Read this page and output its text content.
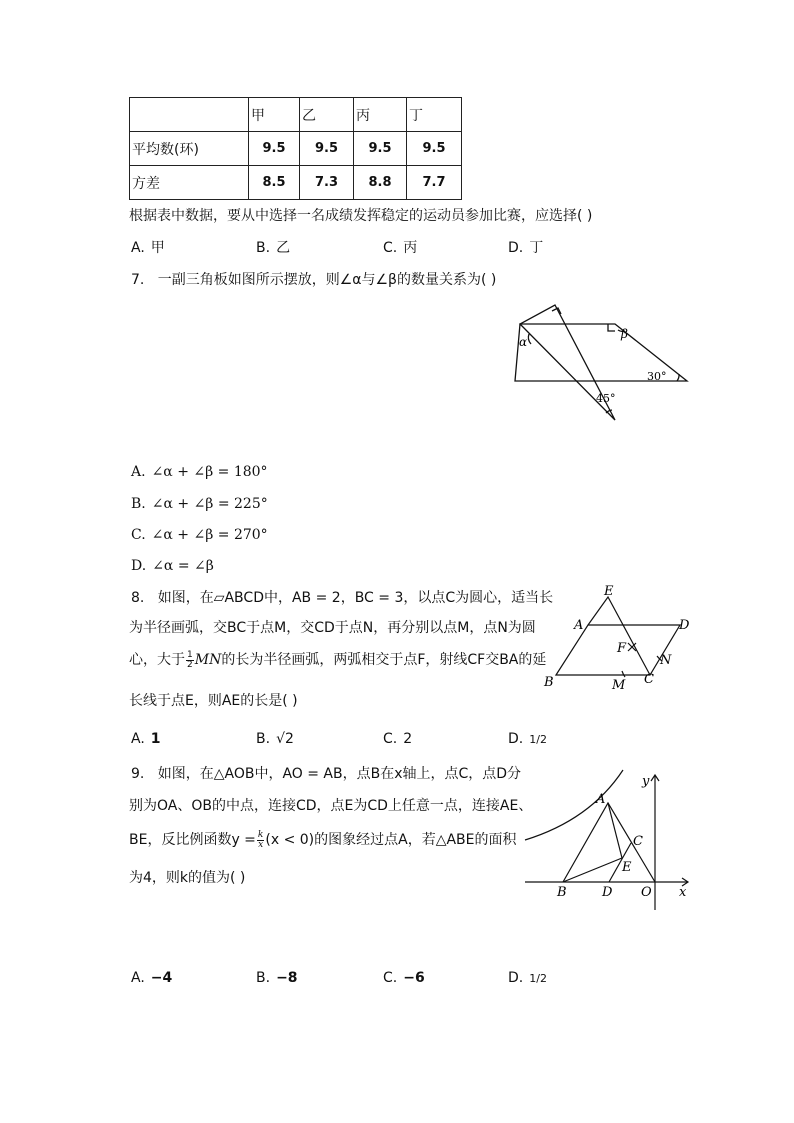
	甲	乙	丙	丁
平均数(环)	9.5	9.5	9.5	9.5
方差	8.5	7.3	8.8	7.7
根据表中数据，要从中选择一名成绩发挥稳定的运动员参加比赛，应选择( )
A. 甲	B. 乙	C. 丙	D. 丁
7. 一副三角板如图所示摆放，则∠α与∠β的数量关系为( )
α
β
30°
45°
A. ∠α + ∠β = 180°
B. ∠α + ∠β = 225°
C. ∠α + ∠β = 270°
D. ∠α = ∠β
8. 如图，在▱ABCD中，AB = 2，BC = 3，以点C为圆心，适当长
为半径画弧，交BC于点M，交CD于点N，再分别以点M，点N为圆
心，大于 $\frac{1}{2}$ MN的长为半径画弧，两弧相交于点F，射线CF交BA的延
长线于点E，则AE的长是( )
E
A	D
F
N
B	M C
A. 1	B. √2	C. 2	D. 1/2
9. 如图，在△AOB中，AO = AB，点B在x轴上，点C，点D分
别为OA、OB的中点，连接CD，点E为CD上任意一点，连接AE、
BE，反比例函数$y = \frac{k}{x} (x < 0)$的图象经过点A，若△ABE的面积
为4，则k的值为( )
A
C
E
B	D O x
y
A. −4	B. −8	C. −6	D. 1/2
